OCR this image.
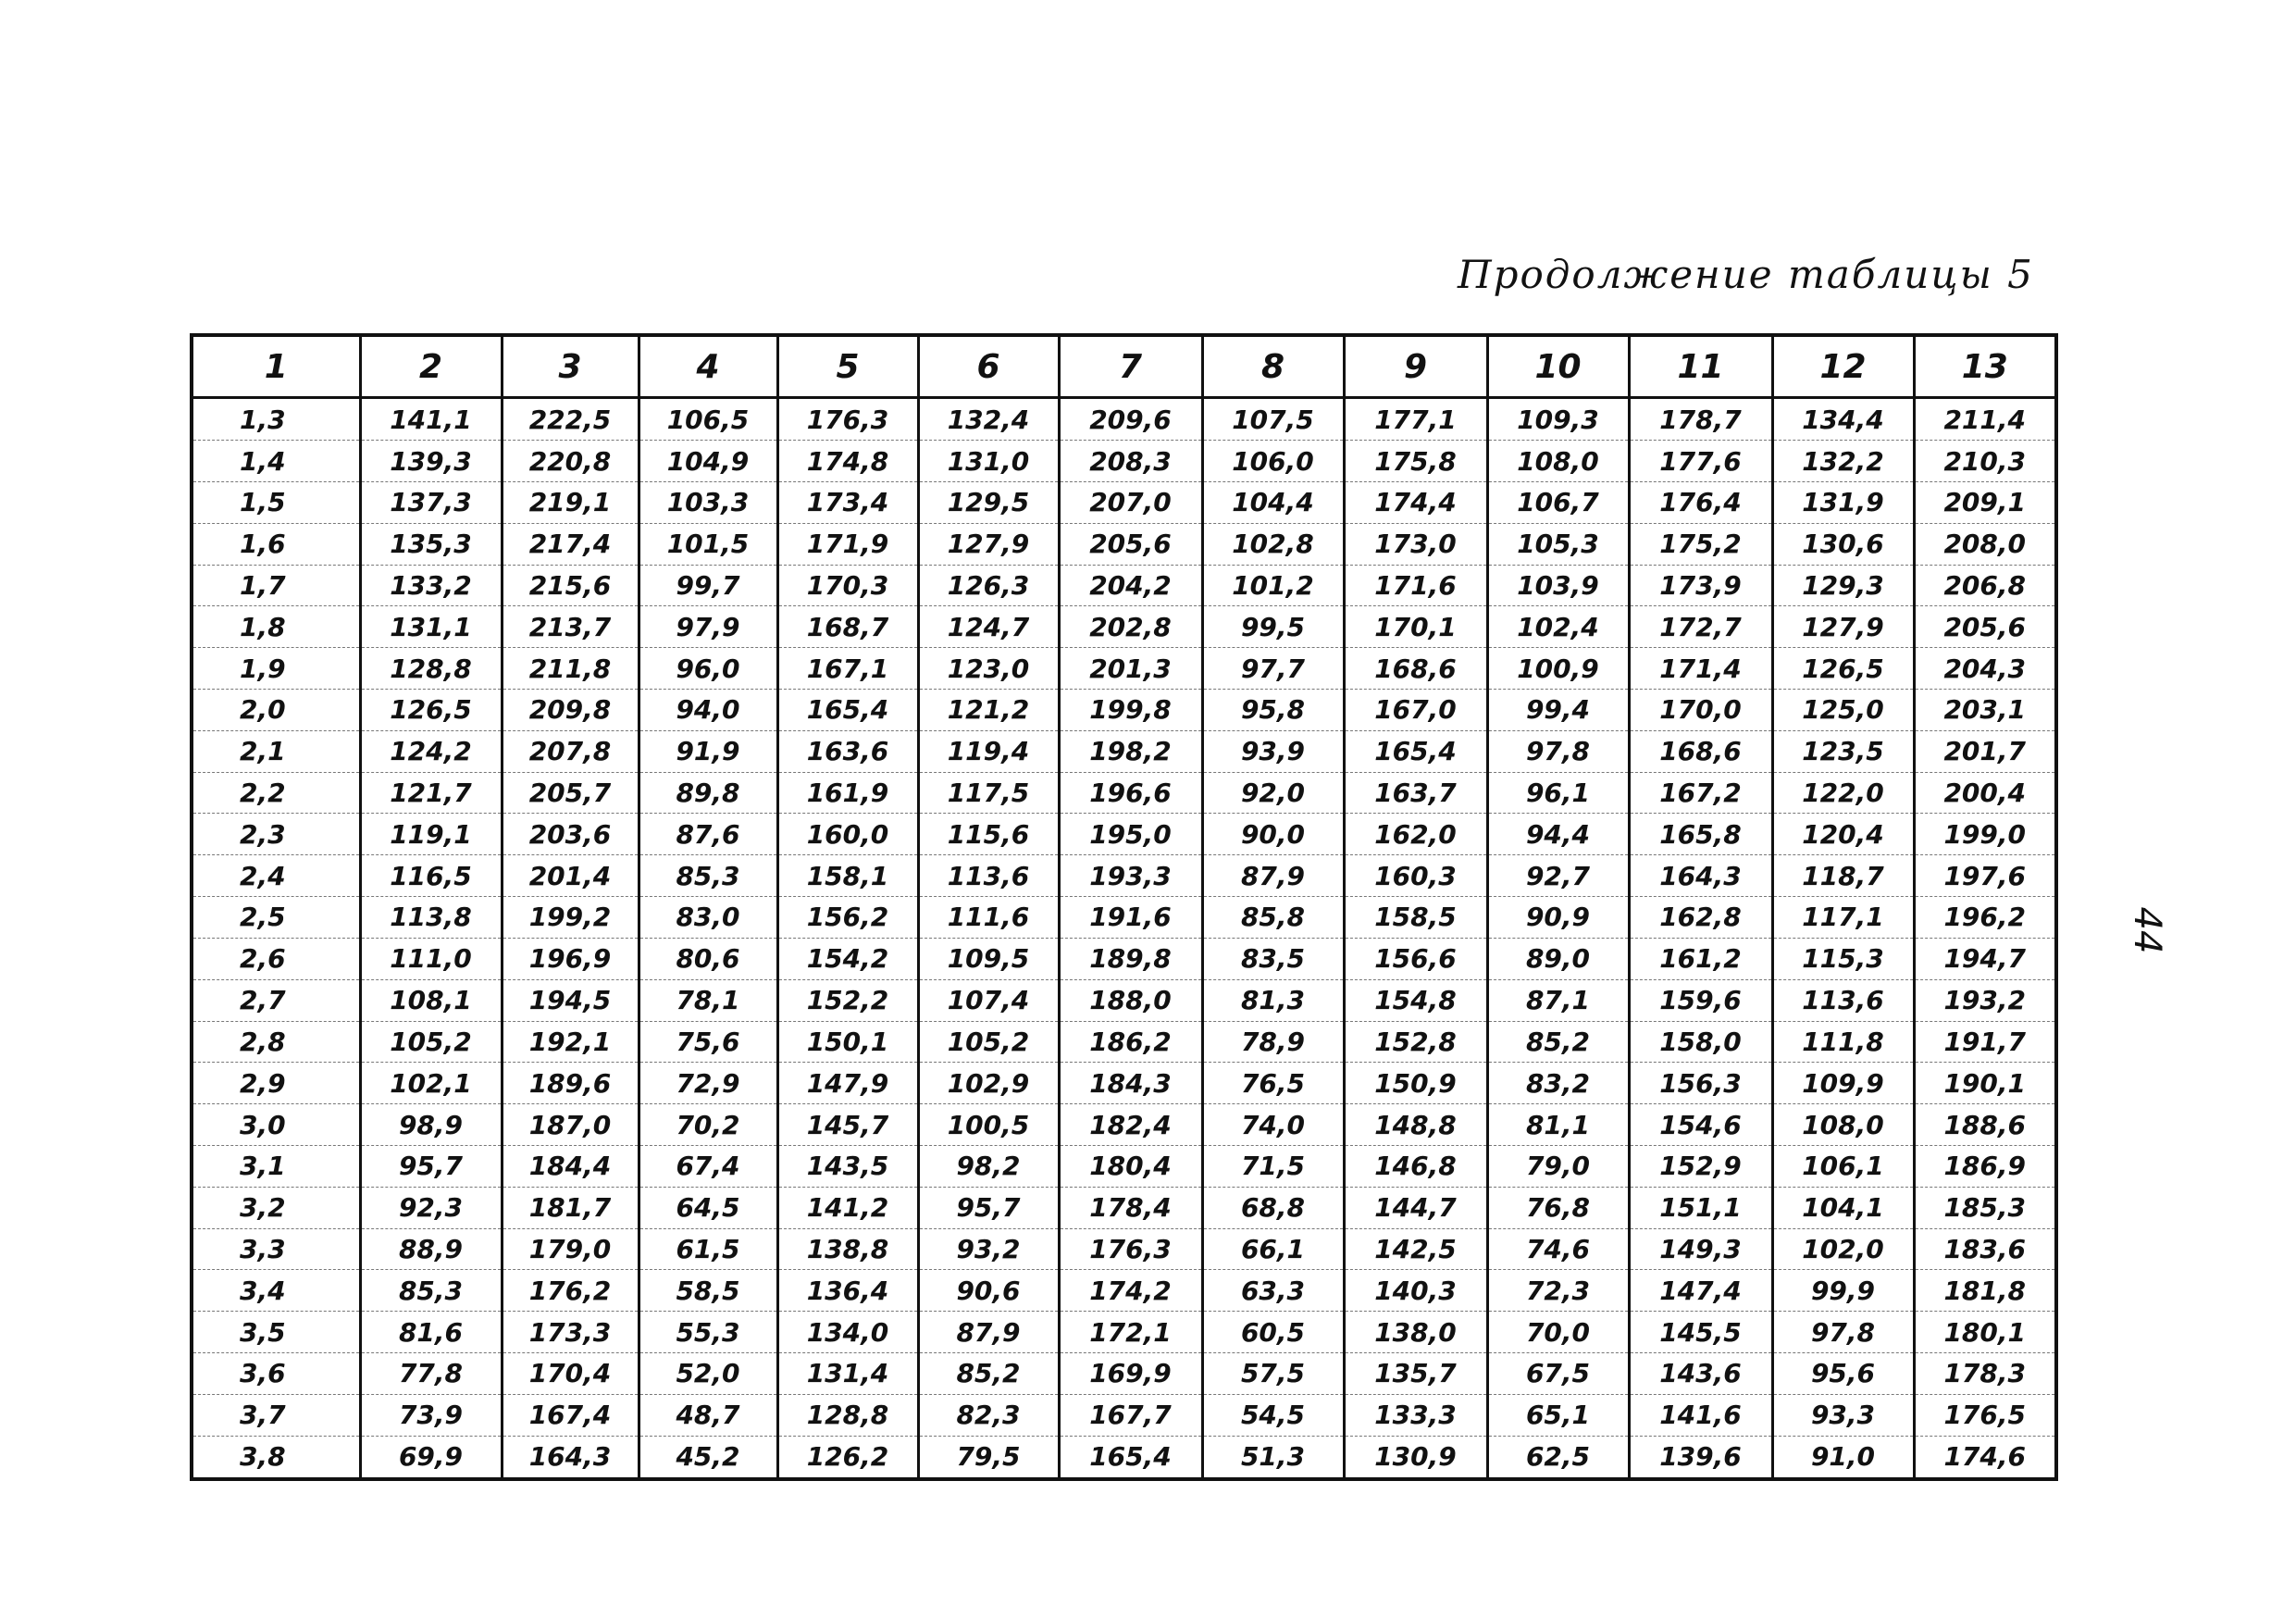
Продолжение таблицы 5
44
1	2	3	4	5	6	7	8	9	10	11	12	13
1,3	141,1	222,5	106,5	176,3	132,4	209,6	107,5	177,1	109,3	178,7	134,4	211,4
1,4	139,3	220,8	104,9	174,8	131,0	208,3	106,0	175,8	108,0	177,6	132,2	210,3
1,5	137,3	219,1	103,3	173,4	129,5	207,0	104,4	174,4	106,7	176,4	131,9	209,1
1,6	135,3	217,4	101,5	171,9	127,9	205,6	102,8	173,0	105,3	175,2	130,6	208,0
1,7	133,2	215,6	99,7	170,3	126,3	204,2	101,2	171,6	103,9	173,9	129,3	206,8
1,8	131,1	213,7	97,9	168,7	124,7	202,8	99,5	170,1	102,4	172,7	127,9	205,6
1,9	128,8	211,8	96,0	167,1	123,0	201,3	97,7	168,6	100,9	171,4	126,5	204,3
2,0	126,5	209,8	94,0	165,4	121,2	199,8	95,8	167,0	99,4	170,0	125,0	203,1
2,1	124,2	207,8	91,9	163,6	119,4	198,2	93,9	165,4	97,8	168,6	123,5	201,7
2,2	121,7	205,7	89,8	161,9	117,5	196,6	92,0	163,7	96,1	167,2	122,0	200,4
2,3	119,1	203,6	87,6	160,0	115,6	195,0	90,0	162,0	94,4	165,8	120,4	199,0
2,4	116,5	201,4	85,3	158,1	113,6	193,3	87,9	160,3	92,7	164,3	118,7	197,6
2,5	113,8	199,2	83,0	156,2	111,6	191,6	85,8	158,5	90,9	162,8	117,1	196,2
2,6	111,0	196,9	80,6	154,2	109,5	189,8	83,5	156,6	89,0	161,2	115,3	194,7
2,7	108,1	194,5	78,1	152,2	107,4	188,0	81,3	154,8	87,1	159,6	113,6	193,2
2,8	105,2	192,1	75,6	150,1	105,2	186,2	78,9	152,8	85,2	158,0	111,8	191,7
2,9	102,1	189,6	72,9	147,9	102,9	184,3	76,5	150,9	83,2	156,3	109,9	190,1
3,0	98,9	187,0	70,2	145,7	100,5	182,4	74,0	148,8	81,1	154,6	108,0	188,6
3,1	95,7	184,4	67,4	143,5	98,2	180,4	71,5	146,8	79,0	152,9	106,1	186,9
3,2	92,3	181,7	64,5	141,2	95,7	178,4	68,8	144,7	76,8	151,1	104,1	185,3
3,3	88,9	179,0	61,5	138,8	93,2	176,3	66,1	142,5	74,6	149,3	102,0	183,6
3,4	85,3	176,2	58,5	136,4	90,6	174,2	63,3	140,3	72,3	147,4	99,9	181,8
3,5	81,6	173,3	55,3	134,0	87,9	172,1	60,5	138,0	70,0	145,5	97,8	180,1
3,6	77,8	170,4	52,0	131,4	85,2	169,9	57,5	135,7	67,5	143,6	95,6	178,3
3,7	73,9	167,4	48,7	128,8	82,3	167,7	54,5	133,3	65,1	141,6	93,3	176,5
3,8	69,9	164,3	45,2	126,2	79,5	165,4	51,3	130,9	62,5	139,6	91,0	174,6
